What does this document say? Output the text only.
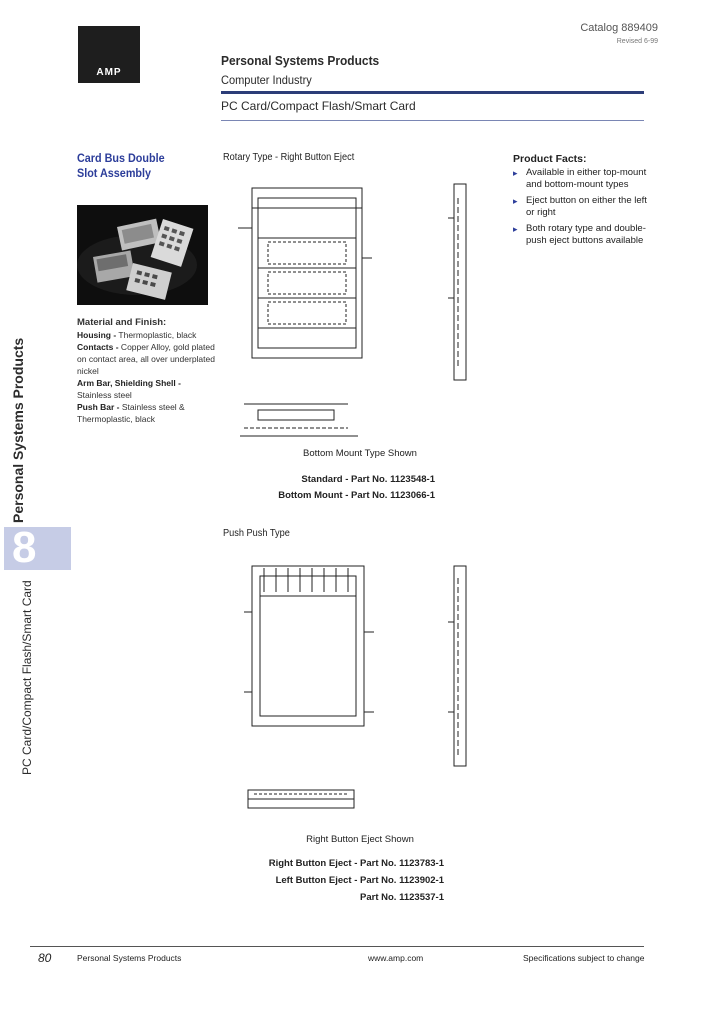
AMP
Catalog 889409
Revised 6-99
Personal Systems Products
Computer Industry
PC Card/Compact Flash/Smart Card
Card Bus Double
Slot Assembly
Material and Finish:
Housing - Thermoplastic, black
Contacts - Copper Alloy, gold plated on contact area, all over underplated nickel
Arm Bar, Shielding Shell - Stainless steel
Push Bar - Stainless steel & Thermoplastic, black
Rotary Type - Right Button Eject
Bottom Mount Type Shown
Standard - Part No. 1123548-1
Bottom Mount - Part No. 1123066-1
Push Push Type
Right Button Eject Shown
Right Button Eject - Part No. 1123783-1
Left Button Eject - Part No. 1123902-1
Part No. 1123537-1
Product Facts:
▸ Available in either top-mount and bottom-mount types
▸ Eject button on either the left or right
▸ Both rotary type and double-push eject buttons available
Personal Systems Products
8
PC Card/Compact Flash/Smart Card
80	Personal Systems Products	www.amp.com	Specifications subject to change
